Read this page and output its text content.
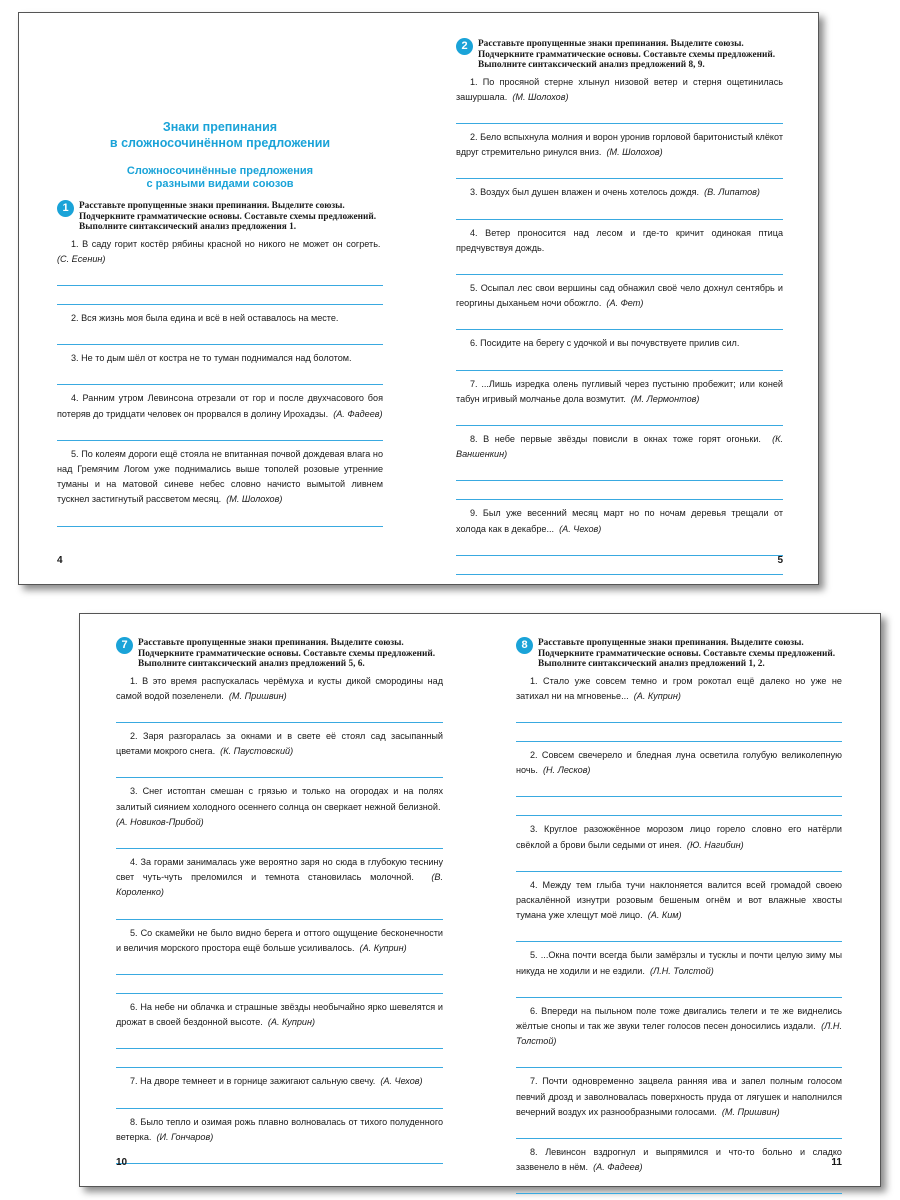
Знаки препинания
в сложносочинённом предложении

Сложносочинённые предложения
с разными видами союзов

1	Расставьте пропущенные знаки препинания. Выделите союзы. Подчеркните грамматические основы. Составьте схемы предложений. Выполните синтаксический анализ предложения 1.

1. В саду горит костёр рябины красной но никого не может он согреть.  (С. Есенин)

2. Вся жизнь моя была едина и всё в ней оставалось на месте.

3. Не то дым шёл от костра не то туман поднимался над болотом.

4. Ранним утром Левинсона отрезали от гор и после двухчасового боя потеряв до тридцати человек он прорвался в долину Ирохадзы. (А. Фадеев)

5. По колеям дороги ещё стояла не впитанная почвой дождевая влага но над Гремячим Логом уже поднимались выше тополей розовые утренние туманы и на матовой синеве небес словно начисто вымытой ливнем тускнел застигнутый рассветом месяц. (М. Шолохов)

4
2	Расставьте пропущенные знаки препинания. Выделите союзы. Подчеркните грамматические основы. Составьте схемы предложений. Выполните синтаксический анализ предложений 8, 9.

1. По просяной стерне хлынул низовой ветер и стерня ощетинилась зашуршала. (М. Шолохов)

2. Бело вспыхнула молния и ворон уронив горловой баритонистый клёкот вдруг стремительно ринулся вниз. (М. Шолохов)

3. Воздух был душен влажен и очень хотелось дождя. (В. Липатов)

4. Ветер проносится над лесом и где-то кричит одинокая птица предчувствуя дождь.

5. Осыпал лес свои вершины сад обнажил своё чело дохнул сентябрь и георгины дыханьем ночи обожгло. (А. Фет)

6. Посидите на берегу с удочкой и вы почувствуете прилив сил.

7. ...Лишь изредка олень пугливый через пустыню пробежит; или коней табун игривый молчанье дола возмутит. (М. Лермонтов)

8. В небе первые звёзды повисли в окнах тоже горят огоньки. (К. Ваншенкин)

9. Был уже весенний месяц март но по ночам деревья трещали от холода как в декабре... (А. Чехов)

5
7	Расставьте пропущенные знаки препинания. Выделите союзы. Подчеркните грамматические основы. Составьте схемы предложений. Выполните синтаксический анализ предложений 5, 6.

1. В это время распускалась черёмуха и кусты дикой смородины над самой водой позеленели. (М. Пришвин)

2. Заря разгоралась за окнами и в свете её стоял сад засыпанный цветами мокрого снега. (К. Паустовский)

3. Снег истоптан смешан с грязью и только на огородах и на полях залитый сиянием холодного осеннего солнца он сверкает нежной белизной.  (А. Новиков-Прибой)

4. За горами занималась уже вероятно заря но сюда в глубокую теснину свет чуть-чуть преломился и темнота становилась молочной. (В. Короленко)

5. Со скамейки не было видно берега и оттого ощущение бесконечности и величия морского простора ещё больше усиливалось. (А. Куприн)

6. На небе ни облачка и страшные звёзды необычайно ярко шевелятся и дрожат в своей бездонной высоте. (А. Куприн)

7. На дворе темнеет и в горнице зажигают сальную свечу. (А. Чехов)

8. Было тепло и озимая рожь плавно волновалась от тихого полуденного ветерка. (И. Гончаров)

10
8	Расставьте пропущенные знаки препинания. Выделите союзы. Подчеркните грамматические основы. Составьте схемы предложений. Выполните синтаксический анализ предложений 1, 2.

1. Стало уже совсем темно и гром рокотал ещё далеко но уже не затихал ни на мгновенье... (А. Куприн)

2. Совсем свечерело и бледная луна осветила голубую великолепную ночь. (Н. Лесков)

3. Круглое разожжённое морозом лицо горело словно его натёрли свёклой а брови были седыми от инея. (Ю. Нагибин)

4. Между тем глыба тучи наклоняется валится всей громадой своею раскалённой изнутри розовым бешеным огнём и вот влажные хвосты тумана уже хлещут моё лицо. (А. Ким)

5. ...Окна почти всегда были замёрзлы и тусклы и почти целую зиму мы никуда не ходили и не ездили. (Л.Н. Толстой)

6. Впереди на пыльном поле тоже двигались телеги и те же виднелись жёлтые снопы и так же звуки телег голосов песен доносились издали. (Л.Н. Толстой)

7. Почти одновременно зацвела ранняя ива и запел полным голосом певчий дрозд и заволновалась поверхность пруда от лягушек и наполнился вечерний воздух их разнообразными голосами. (М. Пришвин)

8. Левинсон вздрогнул и выпрямился и что-то больно и сладко зазвенело в нём. (А. Фадеев)	11
